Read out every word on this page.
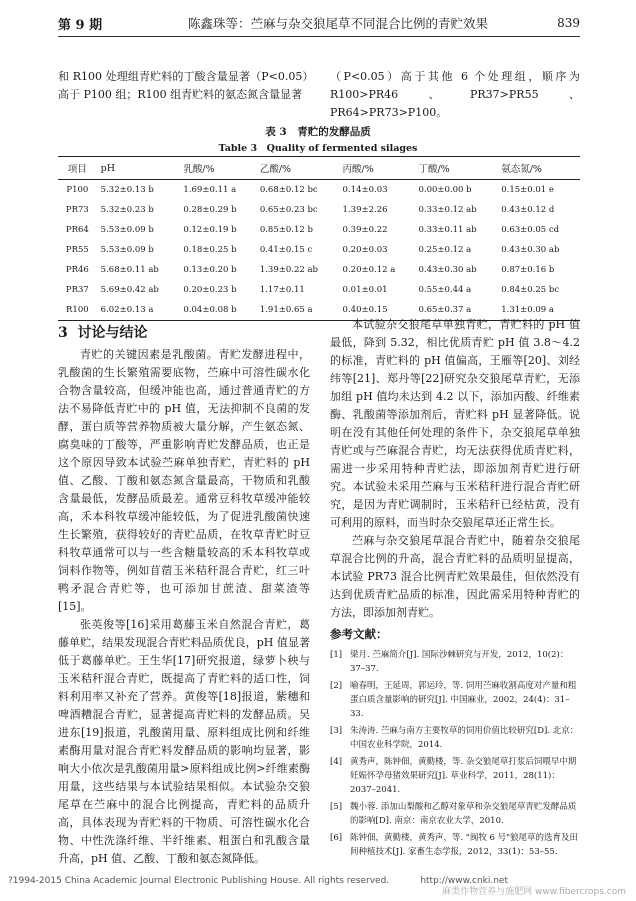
第 9 期	陈鑫珠等：苎麻与杂交狼尾草不同混合比例的青贮效果	839

和 R100 处理组青贮料的丁酸含量显著（P<0.05）高于 P100 组；R100 组青贮料的氨态氮含量显著

（P<0.05）高于其他 6 个处理组，顺序为 R100>PR46、PR37>PR55、PR64>PR73>P100。

表 3　青贮的发酵品质
Table 3　Quality of fermented silages
项目	pH	乳酸/%	乙酸/%	丙酸/%	丁酸/%	氨态氮/%
P100	5.32±0.13 b	1.69±0.11 a	0.68±0.12 bc	0.14±0.03	0.00±0.00 b	0.15±0.01 e
PR73	5.32±0.23 b	0.28±0.29 b	0.65±0.23 bc	1.39±2.26	0.33±0.12 ab	0.43±0.12 d
PR64	5.53±0.09 b	0.12±0.19 b	0.85±0.12 b	0.39±0.22	0.33±0.11 ab	0.63±0.05 cd
PR55	5.53±0.09 b	0.18±0.25 b	0.41±0.15 c	0.20±0.03	0.25±0.12 a	0.43±0.30 ab
PR46	5.68±0.11 ab	0.13±0.20 b	1.39±0.22 ab	0.20±0.12 a	0.43±0.30 ab	0.87±0.16 b
PR37	5.69±0.42 ab	0.20±0.23 b	1.17±0.11	0.01±0.01	0.55±0.44 a	0.84±0.25 bc
R100	6.02±0.13 a	0.04±0.08 b	1.91±0.65 a	0.40±0.15	0.65±0.37 a	1.31±0.09 a
3 讨论与结论

青贮的关键因素是乳酸菌。青贮发酵进程中，乳酸菌的生长繁殖需要底物，苎麻中可溶性碳水化合物含量较高，但缓冲能也高，通过普通青贮的方法不易降低青贮中的 pH 值，无法抑制不良菌的发酵，蛋白质等营养物质被大量分解，产生氨态氮、腐臭味的丁酸等，严重影响青贮发酵品质，也正是这个原因导致本试验苎麻单独青贮，青贮料的 pH 值、乙酸、丁酸和氨态氮含量最高，干物质和乳酸含量最低，发酵品质最差。通常豆科牧草缓冲能较高，禾本科牧草缓冲能较低，为了促进乳酸菌快速生长繁殖，获得较好的青贮品质，在牧草青贮时豆科牧草通常可以与一些含糖量较高的禾本科牧草或饲料作物等，例如苜蓿玉米秸秆混合青贮，红三叶鸭矛混合青贮等，也可添加甘蔗渣、甜菜渣等[15]。

张英俊等[16]采用葛藤玉米自然混合青贮，葛藤单贮，结果发现混合青贮料品质优良，pH 值显著低于葛藤单贮。王生华[17]研究报道，绿萝卜秧与玉米秸秆混合青贮，既提高了青贮料的适口性，饲料利用率又补充了营养。黄俊等[18]报道，紫穗和啤酒糟混合青贮，显著提高青贮料的发酵品质。吴进东[19]报道，乳酸菌用量、原料组成比例和纤维素酶用量对混合青贮料发酵品质的影响均显著，影响大小依次是乳酸菌用量>原料组成比例>纤维素酶用量，这些结果与本试验结果相似。本试验杂交狼尾草在苎麻中的混合比例提高，青贮料的品质升高，具体表现为青贮料的干物质、可溶性碳水化合物、中性洗涤纤维、半纤维素、粗蛋白和乳酸含量升高，pH 值、乙酸、丁酸和氨态氮降低。

本试验杂交狼尾草单独青贮，青贮料的 pH 值最低，降到 5.32，相比优质青贮 pH 值 3.8～4.2 的标准，青贮料的 pH 值偏高，王雁等[20]、刘经纬等[21]、郑丹等[22]研究杂交狼尾草青贮，无添加组 pH 值均未达到 4.2 以下，添加丙酸、纤维素酶、乳酸菌等添加剂后，青贮料 pH 显著降低。说明在没有其他任何处理的条件下，杂交狼尾草单独青贮或与苎麻混合青贮，均无法获得优质青贮料，需进一步采用特种青贮法，即添加剂青贮进行研究。本试验未采用苎麻与玉米秸秆进行混合青贮研究，是因为青贮调制时，玉米秸秆已经枯黄，没有可利用的原料，而当时杂交狼尾草还正常生长。

苎麻与杂交狼尾草混合青贮中，随着杂交狼尾草混合比例的升高，混合青贮料的品质明显提高，本试验 PR73 混合比例青贮效果最佳，但依然没有达到优质青贮品质的标准，因此需采用特种青贮的方法，即添加剂青贮。

参考文献：
[1] 梁月. 苎麻简介[J]. 国际沙棘研究与开发，2012，10(2)：37–37.
[2] 喻春明，王延周，郭运玲，等. 饲用苎麻收割高度对产量和粗蛋白质含量影响的研究[J]. 中国麻业，2002，24(4)：31–33.
[3] 朱涛涛. 苎麻与南方主要牧草的饲用价值比较研究[D]. 北京：中国农业科学院，2014.
[4] 黄秀声，陈钟佃，黄勤楼，等. 杂交狼尾草打浆后饲喂早中期妊娠怀孕母猪效果研究[J]. 草业科学，2011，28(11)：2037–2041.
[5] 魏小蓉. 添加山梨酸和乙醇对象草和杂交狼尾草青贮发酵品质的影响[D]. 南京：南京农业大学，2010.
[6] 陈钟佃，黄勤楼，黄秀声，等. "闽牧 6 号"狼尾草的选育及田间种植技术[J]. 家畜生态学报，2012，33(1)：53–55.
?1994-2015 China Academic Journal Electronic Publishing House. All rights reserved.	http://www.cnki.net
麻类作物营养与施肥网 www.fibercrops.com
